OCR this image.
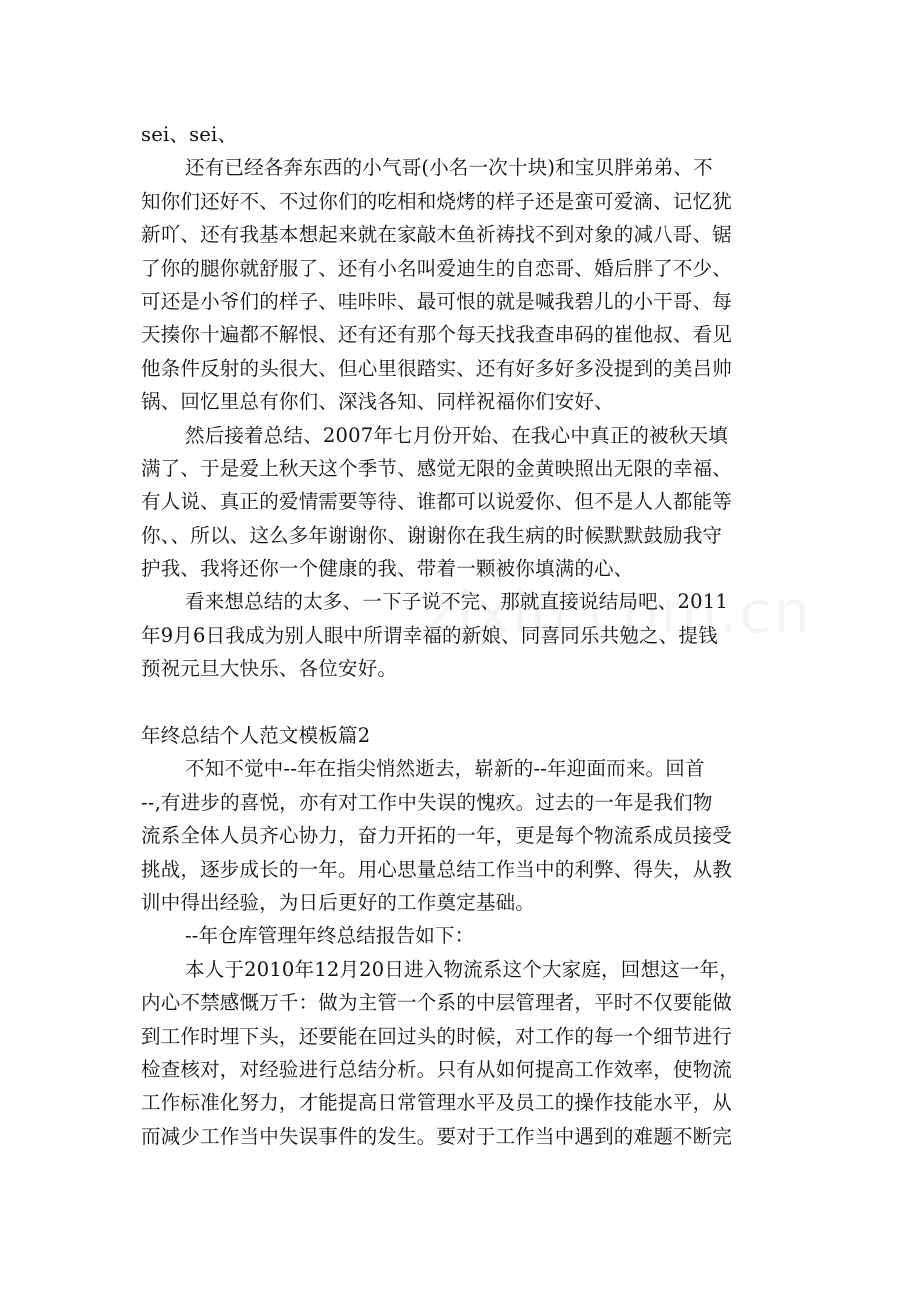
sei、sei、
还有已经各奔东西的小气哥(小名一次十块)和宝贝胖弟弟、不
知你们还好不、不过你们的吃相和烧烤的样子还是蛮可爱滴、记忆犹
新吖、还有我基本想起来就在家敲木鱼祈祷找不到对象的减八哥、锯
了你的腿你就舒服了、还有小名叫爱迪生的自恋哥、婚后胖了不少、
可还是小爷们的样子、哇咔咔、最可恨的就是喊我碧儿的小干哥、每
天揍你十遍都不解恨、还有还有那个每天找我查串码的崔他叔、看见
他条件反射的头很大、但心里很踏实、还有好多好多没提到的美吕帅
锅、回忆里总有你们、深浅各知、同样祝福你们安好、
然后接着总结、2007年七月份开始、在我心中真正的被秋天填
满了、于是爱上秋天这个季节、感觉无限的金黄映照出无限的幸福、
有人说、真正的爱情需要等待、谁都可以说爱你、但不是人人都能等
你、、所以、这么多年谢谢你、谢谢你在我生病的时候默默鼓励我守
护我、我将还你一个健康的我、带着一颗被你填满的心、
看来想总结的太多、一下子说不完、那就直接说结局吧、2011
年9月6日我成为别人眼中所谓幸福的新娘、同喜同乐共勉之、提钱
预祝元旦大快乐、各位安好。
年终总结个人范文模板篇2
不知不觉中--年在指尖悄然逝去，崭新的--年迎面而来。回首
--,有进步的喜悦，亦有对工作中失误的愧疚。过去的一年是我们物
流系全体人员齐心协力，奋力开拓的一年，更是每个物流系成员接受
挑战，逐步成长的一年。用心思量总结工作当中的利弊、得失，从教
训中得出经验，为日后更好的工作奠定基础。
--年仓库管理年终总结报告如下：
本人于2010年12月20日进入物流系这个大家庭，回想这一年，
内心不禁感慨万千：做为主管一个系的中层管理者，平时不仅要能做
到工作时埋下头，还要能在回过头的时候，对工作的每一个细节进行
检查核对，对经验进行总结分析。只有从如何提高工作效率，使物流
工作标准化努力，才能提高日常管理水平及员工的操作技能水平，从
而减少工作当中失误事件的发生。要对于工作当中遇到的难题不断完
